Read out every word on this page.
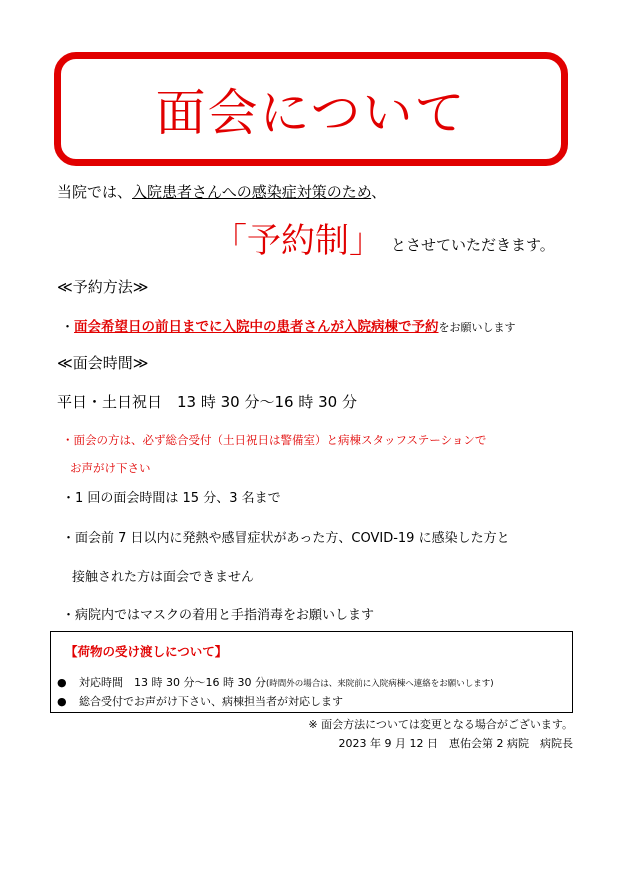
面会について
当院では、入院患者さんへの感染症対策のため、
「予約制」 とさせていただきます。
≪予約方法≫
・面会希望日の前日までに入院中の患者さんが入院病棟で予約をお願いします
≪面会時間≫
平日・土日祝日　13 時 30 分～16 時 30 分
・面会の方は、必ず総合受付（土日祝日は警備室）と病棟スタッフステーションで
お声がけ下さい
・1 回の面会時間は 15 分、3 名まで
・面会前 7 日以内に発熱や感冒症状があった方、COVID-19 に感染した方と
接触された方は面会できません
・病院内ではマスクの着用と手指消毒をお願いします
【荷物の受け渡しについて】
● 対応時間　13 時 30 分～16 時 30 分(時間外の場合は、来院前に入院病棟へ連絡をお願いします)
● 総合受付でお声がけ下さい、病棟担当者が対応します
※ 面会方法については変更となる場合がございます。
2023 年 9 月 12 日　恵佑会第 2 病院　病院長
